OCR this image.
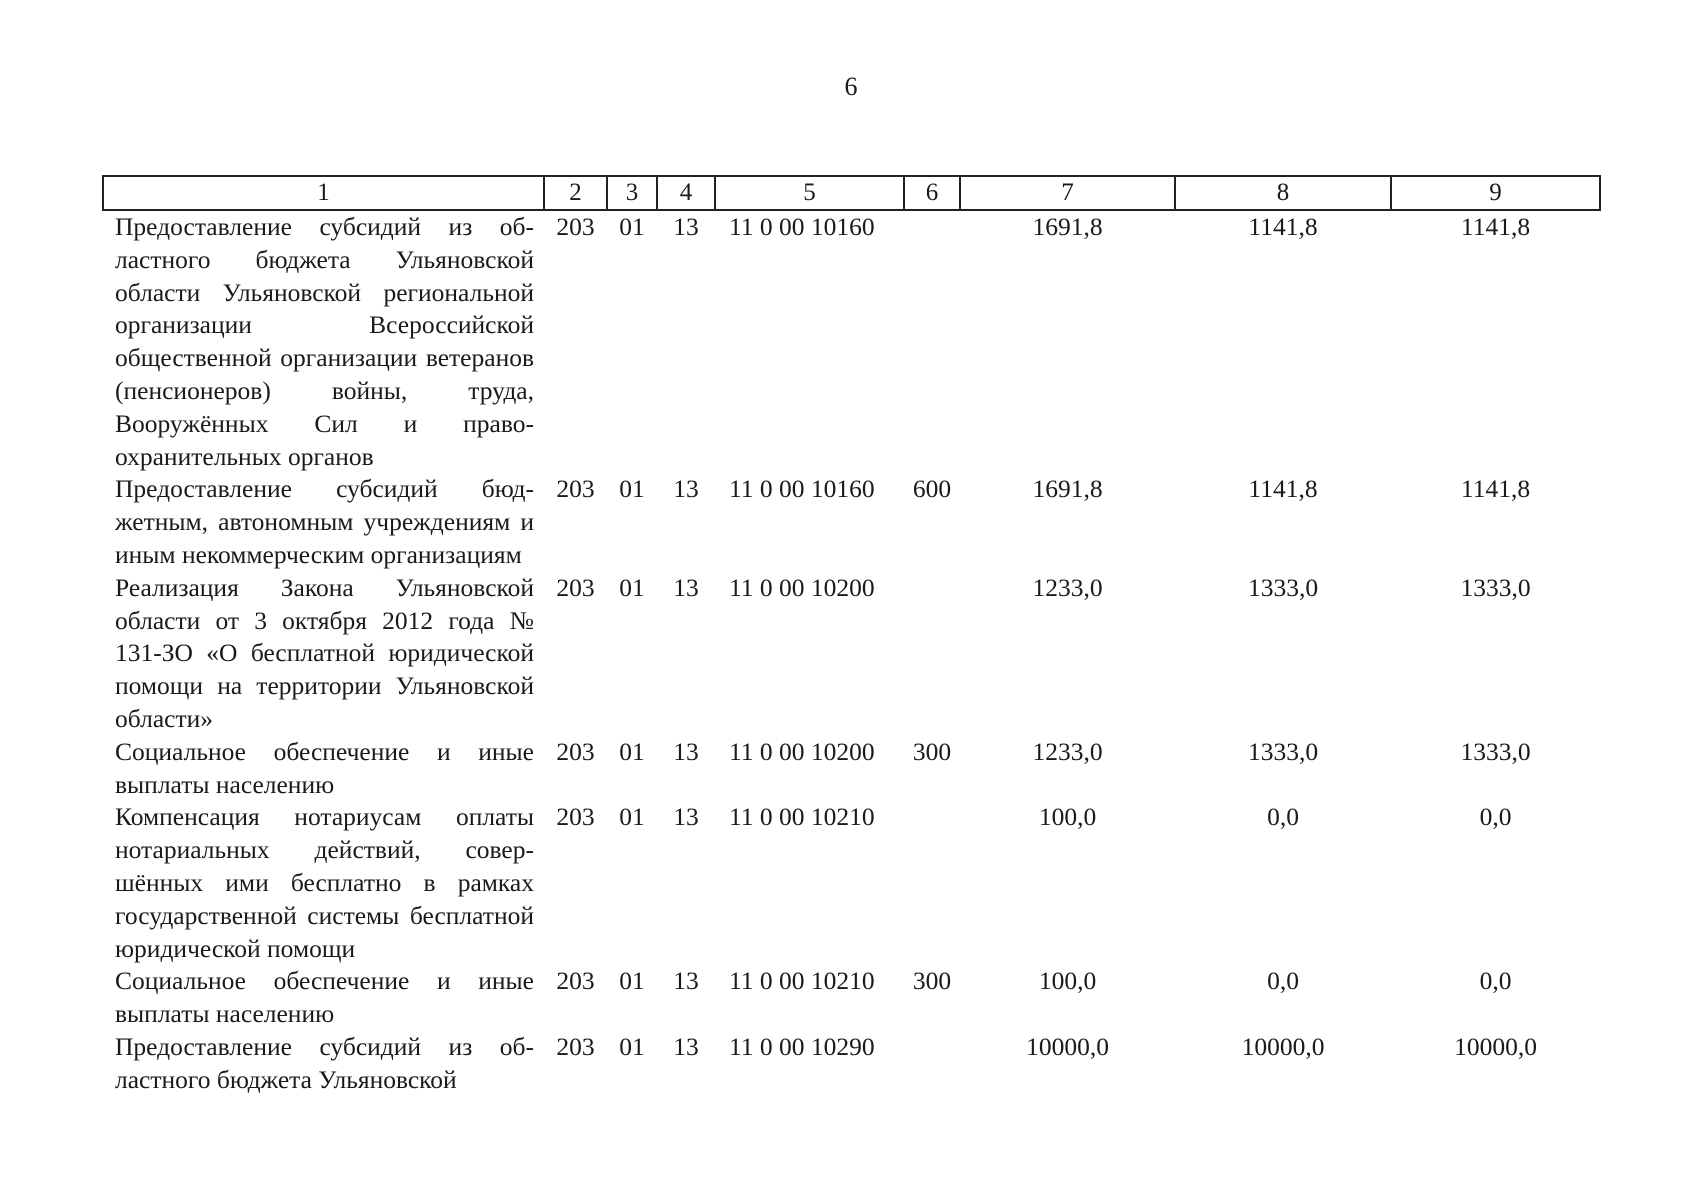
6
1	2	3	4	5	6	7	8	9
Предоставление субсидий из областного бюджета Ульяновской области Ульяновской региональной организации Всероссийской общественной организации ветеранов (пенсионеров) войны, труда, Вооружённых Сил и правоохранительных органов	203	01	13	11 0 00 10160		1691,8	1141,8	1141,8
Предоставление субсидий бюджетным, автономным учреждениям и иным некоммерческим организациям	203	01	13	11 0 00 10160	600	1691,8	1141,8	1141,8
Реализация Закона Ульяновской области от 3 октября 2012 года № 131-ЗО «О бесплатной юридической помощи на территории Ульяновской области»	203	01	13	11 0 00 10200		1233,0	1333,0	1333,0
Социальное обеспечение и иные выплаты населению	203	01	13	11 0 00 10200	300	1233,0	1333,0	1333,0
Компенсация нотариусам оплаты нотариальных действий, совершённых ими бесплатно в рамках государственной системы бесплатной юридической помощи	203	01	13	11 0 00 10210		100,0	0,0	0,0
Социальное обеспечение и иные выплаты населению	203	01	13	11 0 00 10210	300	100,0	0,0	0,0
Предоставление субсидий из областного бюджета Ульяновской	203	01	13	11 0 00 10290		10000,0	10000,0	10000,0
